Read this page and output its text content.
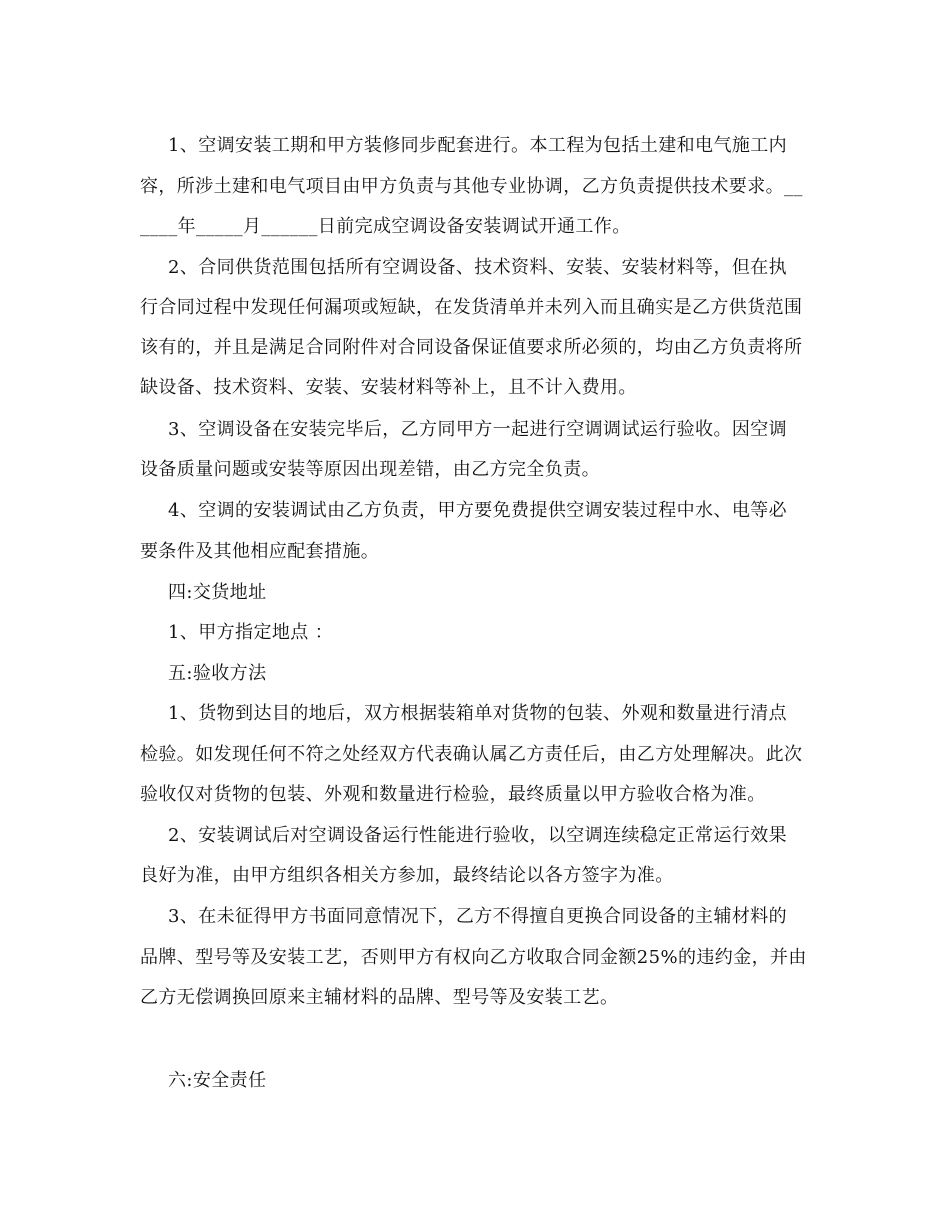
1、空调安装工期和甲方装修同步配套进行。本工程为包括土建和电气施工内
容，所涉土建和电气项目由甲方负责与其他专业协调，乙方负责提供技术要求。__
____年_____月______日前完成空调设备安装调试开通工作。
2、合同供货范围包括所有空调设备、技术资料、安装、安装材料等，但在执
行合同过程中发现任何漏项或短缺，在发货清单并未列入而且确实是乙方供货范围
该有的，并且是满足合同附件对合同设备保证值要求所必须的，均由乙方负责将所
缺设备、技术资料、安装、安装材料等补上，且不计入费用。
3、空调设备在安装完毕后，乙方同甲方一起进行空调调试运行验收。因空调
设备质量问题或安装等原因出现差错，由乙方完全负责。
4、空调的安装调试由乙方负责，甲方要免费提供空调安装过程中水、电等必
要条件及其他相应配套措施。
四:交货地址
1、甲方指定地点 ：
五:验收方法
1、货物到达目的地后，双方根据装箱单对货物的包装、外观和数量进行清点
检验。如发现任何不符之处经双方代表确认属乙方责任后，由乙方处理解决。此次
验收仅对货物的包装、外观和数量进行检验，最终质量以甲方验收合格为准。
2、安装调试后对空调设备运行性能进行验收，以空调连续稳定正常运行效果
良好为准，由甲方组织各相关方参加，最终结论以各方签字为准。
3、在未征得甲方书面同意情况下，乙方不得擅自更换合同设备的主辅材料的
品牌、型号等及安装工艺，否则甲方有权向乙方收取合同金额25%的违约金，并由
乙方无偿调换回原来主辅材料的品牌、型号等及安装工艺。
六:安全责任
